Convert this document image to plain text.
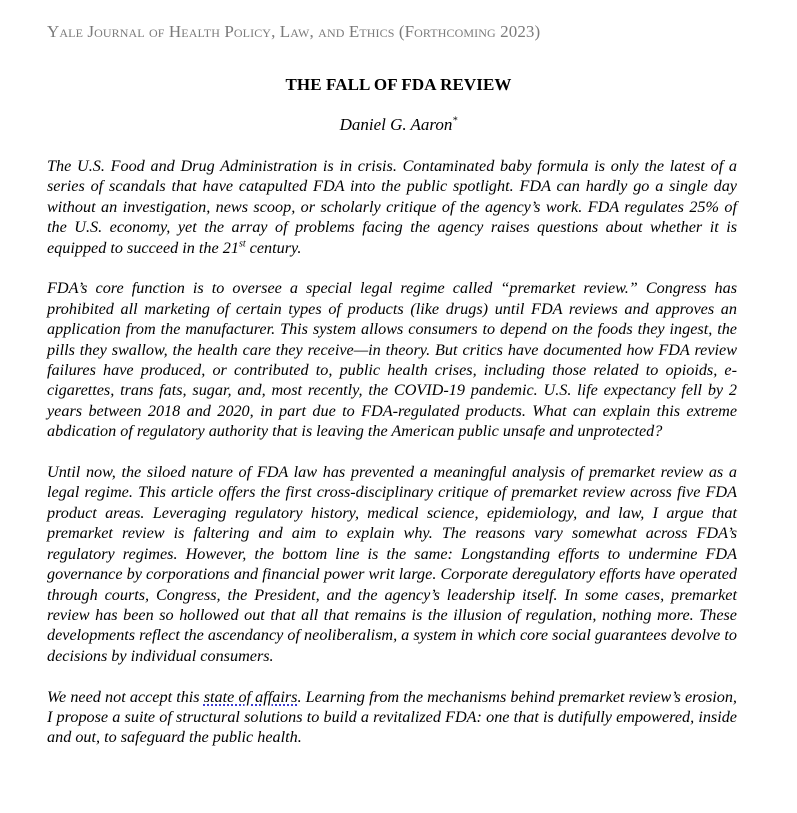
Yale Journal of Health Policy, Law, and Ethics (Forthcoming 2023)
THE FALL OF FDA REVIEW
Daniel G. Aaron*

The U.S. Food and Drug Administration is in crisis. Contaminated baby formula is only the latest of a series of scandals that have catapulted FDA into the public spotlight. FDA can hardly go a single day without an investigation, news scoop, or scholarly critique of the agency’s work. FDA regulates 25% of the U.S. economy, yet the array of problems facing the agency raises questions about whether it is equipped to succeed in the 21st century.

FDA’s core function is to oversee a special legal regime called “premarket review.” Congress has prohibited all marketing of certain types of products (like drugs) until FDA reviews and approves an application from the manufacturer. This system allows consumers to depend on the foods they ingest, the pills they swallow, the health care they receive—in theory. But critics have documented how FDA review failures have produced, or contributed to, public health crises, including those related to opioids, e-cigarettes, trans fats, sugar, and, most recently, the COVID-19 pandemic. U.S. life expectancy fell by 2 years between 2018 and 2020, in part due to FDA-regulated products. What can explain this extreme abdication of regulatory authority that is leaving the American public unsafe and unprotected?

Until now, the siloed nature of FDA law has prevented a meaningful analysis of premarket review as a legal regime. This article offers the first cross-disciplinary critique of premarket review across five FDA product areas. Leveraging regulatory history, medical science, epidemiology, and law, I argue that premarket review is faltering and aim to explain why. The reasons vary somewhat across FDA’s regulatory regimes. However, the bottom line is the same: Longstanding efforts to undermine FDA governance by corporations and financial power writ large. Corporate deregulatory efforts have operated through courts, Congress, the President, and the agency’s leadership itself. In some cases, premarket review has been so hollowed out that all that remains is the illusion of regulation, nothing more. These developments reflect the ascendancy of neoliberalism, a system in which core social guarantees devolve to decisions by individual consumers.

We need not accept this state of affairs. Learning from the mechanisms behind premarket review’s erosion, I propose a suite of structural solutions to build a revitalized FDA: one that is dutifully empowered, inside and out, to safeguard the public health.
